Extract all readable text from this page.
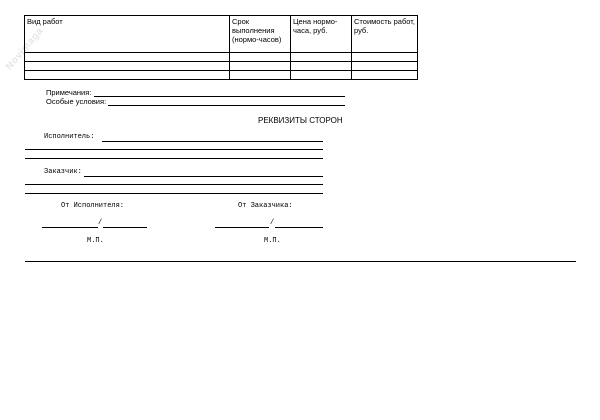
Novimaga
Вид работ	Срок выполнения (нормо-часов)	Цена нормо-часа, руб.	Стоимость работ, руб.

Примечания:
Особые условия:
РЕКВИЗИТЫ СТОРОН
Исполнитель:
Заказчик:
От Исполнителя:
/
М.П.
От Заказчика:
/
М.П.
